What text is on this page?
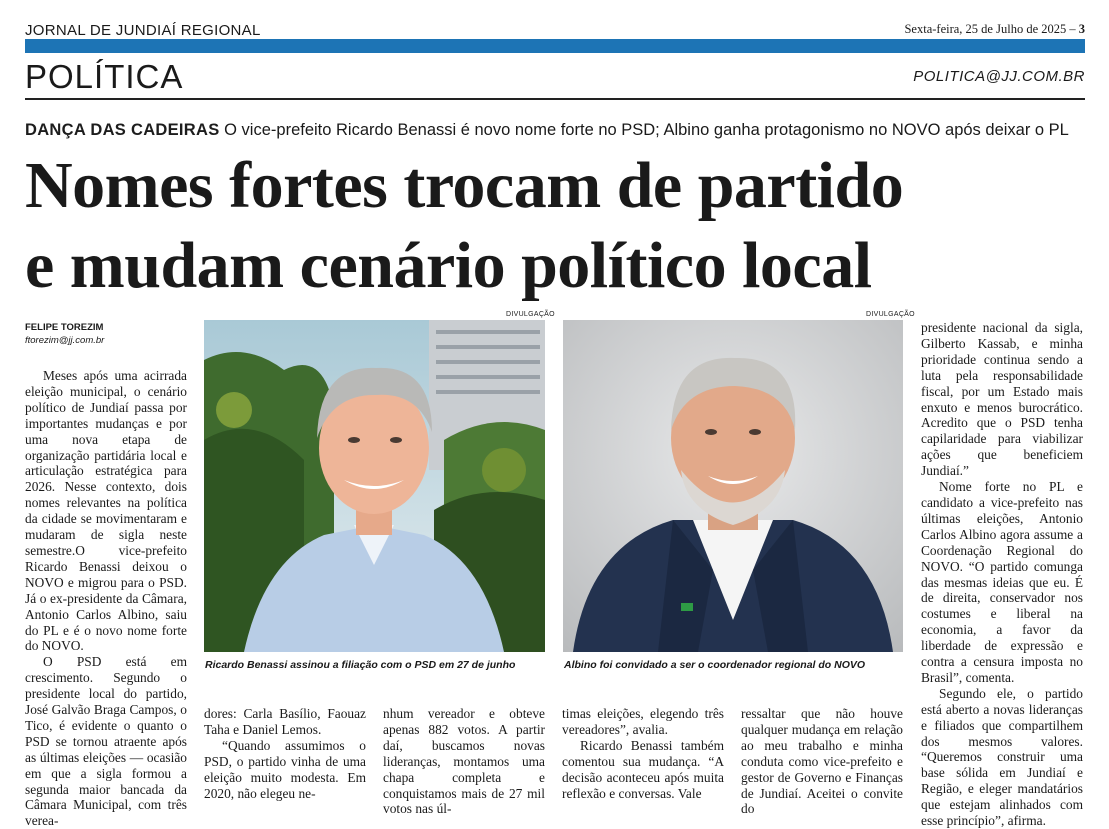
JORNAL DE JUNDIAÍ REGIONAL	Sexta-feira, 25 de Julho de 2025 – 3
POLÍTICA	POLITICA@JJ.COM.BR
DANÇA DAS CADEIRAS O vice-prefeito Ricardo Benassi é novo nome forte no PSD; Albino ganha protagonismo no NOVO após deixar o PL
Nomes fortes trocam de partido
e mudam cenário político local
FELIPE TOREZIM
ftorezim@jj.com.br

Meses após uma acirrada eleição municipal, o cenário político de Jundiaí passa por importantes mudanças e por uma nova etapa de organização partidária local e articulação estratégica para 2026. Nesse contexto, dois nomes relevantes na política da cidade se movimentaram e mudaram de sigla neste semestre.O vice-prefeito Ricardo Benassi deixou o NOVO e migrou para o PSD. Já o ex-presidente da Câmara, Antonio Carlos Albino, saiu do PL e é o novo nome forte do NOVO.

O PSD está em crescimento. Segundo o presidente local do partido, José Galvão Braga Campos, o Tico, é evidente o quanto o PSD se tornou atraente após as últimas eleições — ocasião em que a sigla formou a segunda maior bancada da Câmara Municipal, com três verea-

DIVULGAÇÃO
Ricardo Benassi assinou a filiação com o PSD em 27 de junho
DIVULGAÇÃO
Albino foi convidado a ser o coordenador regional do NOVO

dores: Carla Basílio, Faouaz Taha e Daniel Lemos.

“Quando assumimos o PSD, o partido vinha de uma eleição muito modesta. Em 2020, não elegeu ne-

nhum vereador e obteve apenas 882 votos. A partir daí, buscamos novas lideranças, montamos uma chapa completa e conquistamos mais de 27 mil votos nas úl-

timas eleições, elegendo três vereadores”, avalia.

Ricardo Benassi também comentou sua mudança. “A decisão aconteceu após muita reflexão e conversas. Vale

ressaltar que não houve qualquer mudança em relação ao meu trabalho e minha conduta como vice-prefeito e gestor de Governo e Finanças de Jundiaí. Aceitei o convite do

presidente nacional da sigla, Gilberto Kassab, e minha prioridade continua sendo a luta pela responsabilidade fiscal, por um Estado mais enxuto e menos burocrático. Acredito que o PSD tenha capilaridade para viabilizar ações que beneficiem Jundiaí.”

Nome forte no PL e candidato a vice-prefeito nas últimas eleições, Antonio Carlos Albino agora assume a Coordenação Regional do NOVO. “O partido comunga das mesmas ideias que eu. É de direita, conservador nos costumes e liberal na economia, a favor da liberdade de expressão e contra a censura imposta no Brasil”, comenta.

Segundo ele, o partido está aberto a novas lideranças e filiados que compartilhem dos mesmos valores. “Queremos construir uma base sólida em Jundiaí e Região, e eleger mandatários que estejam alinhados com esse princípio”, afirma.
